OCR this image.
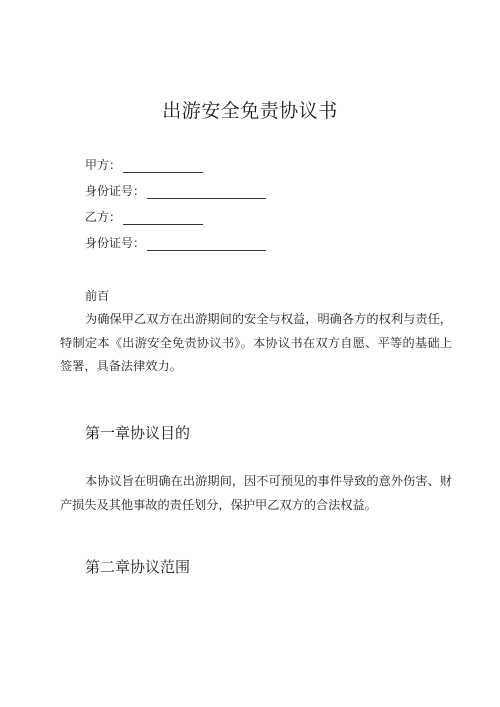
出游安全免责协议书
甲方：
身份证号：
乙方：
身份证号：
前百
为确保甲乙双方在出游期间的安全与权益，明确各方的权利与责任，特制定本《出游安全免责协议书》。本协议书在双方自愿、平等的基础上签署，具备法律效力。
第一章协议目的
本协议旨在明确在出游期间，因不可预见的事件导致的意外伤害、财产损失及其他事故的责任划分，保护甲乙双方的合法权益。
第二章协议范围
